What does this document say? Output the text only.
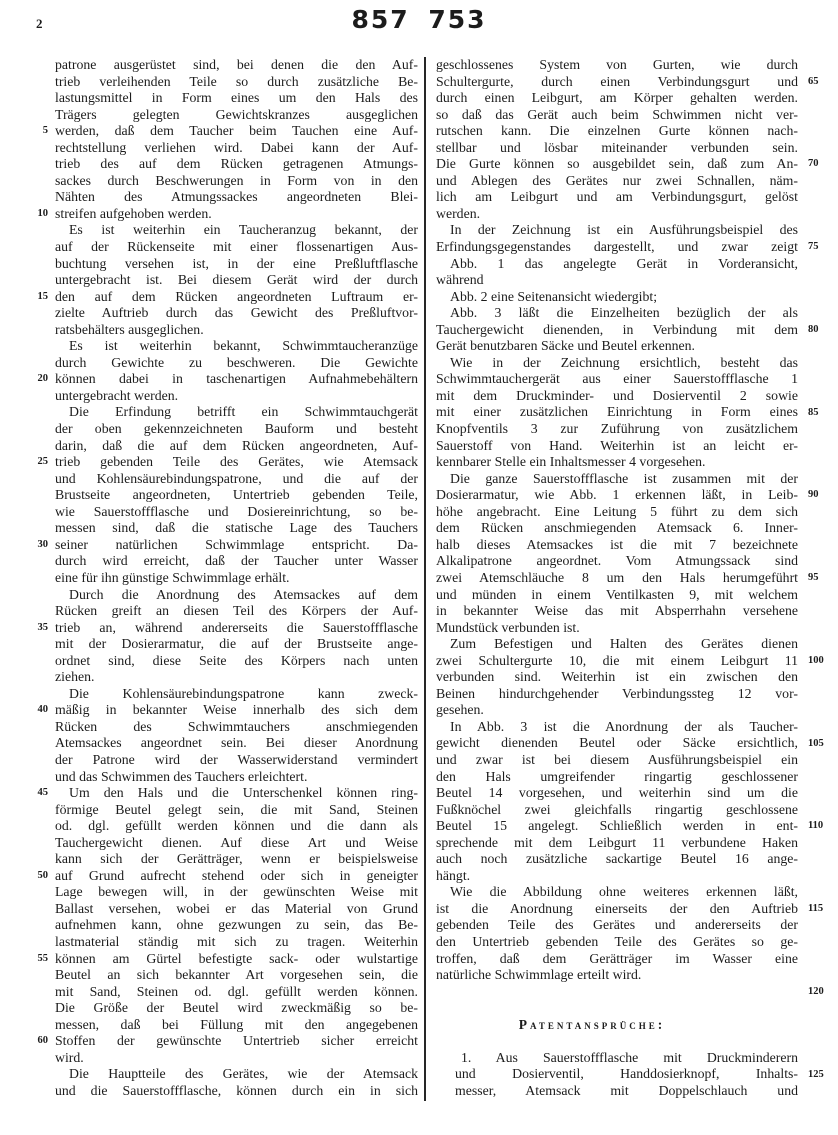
2	857 753
5
10
15
20
25
30
35
40
45
50
55
60
patrone ausgerüstet sind, bei denen die den Auf-
trieb verleihenden Teile so durch zusätzliche Be-
lastungsmittel in Form eines um den Hals des
Trägers gelegten Gewichtskranzes ausgeglichen
werden, daß dem Taucher beim Tauchen eine Auf-
rechtstellung verliehen wird. Dabei kann der Auf-
trieb des auf dem Rücken getragenen Atmungs-
sackes durch Beschwerungen in Form von in den
Nähten des Atmungssackes angeordneten Blei-
streifen aufgehoben werden.
Es ist weiterhin ein Taucheranzug bekannt, der
auf der Rückenseite mit einer flossenartigen Aus-
buchtung versehen ist, in der eine Preßluftflasche
untergebracht ist. Bei diesem Gerät wird der durch
den auf dem Rücken angeordneten Luftraum er-
zielte Auftrieb durch das Gewicht des Preßluftvor-
ratsbehälters ausgeglichen.
Es ist weiterhin bekannt, Schwimmtaucheranzüge
durch Gewichte zu beschweren. Die Gewichte
können dabei in taschenartigen Aufnahmebehältern
untergebracht werden.
Die Erfindung betrifft ein Schwimmtauchgerät
der oben gekennzeichneten Bauform und besteht
darin, daß die auf dem Rücken angeordneten, Auf-
trieb gebenden Teile des Gerätes, wie Atemsack
und Kohlensäurebindungspatrone, und die auf der
Brustseite angeordneten, Untertrieb gebenden Teile,
wie Sauerstoffflasche und Dosiereinrichtung, so be-
messen sind, daß die statische Lage des Tauchers
seiner natürlichen Schwimmlage entspricht. Da-
durch wird erreicht, daß der Taucher unter Wasser
eine für ihn günstige Schwimmlage erhält.
Durch die Anordnung des Atemsackes auf dem
Rücken greift an diesen Teil des Körpers der Auf-
trieb an, während andererseits die Sauerstoffflasche
mit der Dosierarmatur, die auf der Brustseite ange-
ordnet sind, diese Seite des Körpers nach unten
ziehen.
Die Kohlensäurebindungspatrone kann zweck-
mäßig in bekannter Weise innerhalb des sich dem
Rücken des Schwimmtauchers anschmiegenden
Atemsackes angeordnet sein. Bei dieser Anordnung
der Patrone wird der Wasserwiderstand vermindert
und das Schwimmen des Tauchers erleichtert.
Um den Hals und die Unterschenkel können ring-
förmige Beutel gelegt sein, die mit Sand, Steinen
od. dgl. gefüllt werden können und die dann als
Tauchergewicht dienen. Auf diese Art und Weise
kann sich der Gerätträger, wenn er beispielsweise
auf Grund aufrecht stehend oder sich in geneigter
Lage bewegen will, in der gewünschten Weise mit
Ballast versehen, wobei er das Material von Grund
aufnehmen kann, ohne gezwungen zu sein, das Be-
lastmaterial ständig mit sich zu tragen. Weiterhin
können am Gürtel befestigte sack- oder wulstartige
Beutel an sich bekannter Art vorgesehen sein, die
mit Sand, Steinen od. dgl. gefüllt werden können.
Die Größe der Beutel wird zweckmäßig so be-
messen, daß bei Füllung mit den angegebenen
Stoffen der gewünschte Untertrieb sicher erreicht
wird.
Die Hauptteile des Gerätes, wie der Atemsack
und die Sauerstoffflasche, können durch ein in sich
geschlossenes System von Gurten, wie durch
Schultergurte, durch einen Verbindungsgurt und
durch einen Leibgurt, am Körper gehalten werden.
so daß das Gerät auch beim Schwimmen nicht ver-
rutschen kann. Die einzelnen Gurte können nach-
stellbar und lösbar miteinander verbunden sein.
Die Gurte können so ausgebildet sein, daß zum An-
und Ablegen des Gerätes nur zwei Schnallen, näm-
lich am Leibgurt und am Verbindungsgurt, gelöst
werden.
In der Zeichnung ist ein Ausführungsbeispiel des
Erfindungsgegenstandes dargestellt, und zwar zeigt
Abb. 1 das angelegte Gerät in Vorderansicht,
während
Abb. 2 eine Seitenansicht wiedergibt;
Abb. 3 läßt die Einzelheiten bezüglich der als
Tauchergewicht dienenden, in Verbindung mit dem
Gerät benutzbaren Säcke und Beutel erkennen.
Wie in der Zeichnung ersichtlich, besteht das
Schwimmtauchergerät aus einer Sauerstoffflasche 1
mit dem Druckminder- und Dosierventil 2 sowie
mit einer zusätzlichen Einrichtung in Form eines
Knopfventils 3 zur Zuführung von zusätzlichem
Sauerstoff von Hand. Weiterhin ist an leicht er-
kennbarer Stelle ein Inhaltsmesser 4 vorgesehen.
Die ganze Sauerstoffflasche ist zusammen mit der
Dosierarmatur, wie Abb. 1 erkennen läßt, in Leib-
höhe angebracht. Eine Leitung 5 führt zu dem sich
dem Rücken anschmiegenden Atemsack 6. Inner-
halb dieses Atemsackes ist die mit 7 bezeichnete
Alkalipatrone angeordnet. Vom Atmungssack sind
zwei Atemschläuche 8 um den Hals herumgeführt
und münden in einem Ventilkasten 9, mit welchem
in bekannter Weise das mit Absperrhahn versehene
Mundstück verbunden ist.
Zum Befestigen und Halten des Gerätes dienen
zwei Schultergurte 10, die mit einem Leibgurt 11
verbunden sind. Weiterhin ist ein zwischen den
Beinen hindurchgehender Verbindungssteg 12 vor-
gesehen.
In Abb. 3 ist die Anordnung der als Taucher-
gewicht dienenden Beutel oder Säcke ersichtlich,
und zwar ist bei diesem Ausführungsbeispiel ein
den Hals umgreifender ringartig geschlossener
Beutel 14 vorgesehen, und weiterhin sind um die
Fußknöchel zwei gleichfalls ringartig geschlossene
Beutel 15 angelegt. Schließlich werden in ent-
sprechende mit dem Leibgurt 11 verbundene Haken
auch noch zusätzliche sackartige Beutel 16 ange-
hängt.
Wie die Abbildung ohne weiteres erkennen läßt,
ist die Anordnung einerseits der den Auftrieb
gebenden Teile des Gerätes und andererseits der
den Untertrieb gebenden Teile des Gerätes so ge-
troffen, daß dem Gerätträger im Wasser eine
natürliche Schwimmlage erteilt wird.
Patentansprüche:
1. Aus Sauerstoffflasche mit Druckminderern
und Dosierventil, Handdosierknopf, Inhalts-
messer, Atemsack mit Doppelschlauch und
65
70
75
80
85
90
95
100
105
110
115
120
125
